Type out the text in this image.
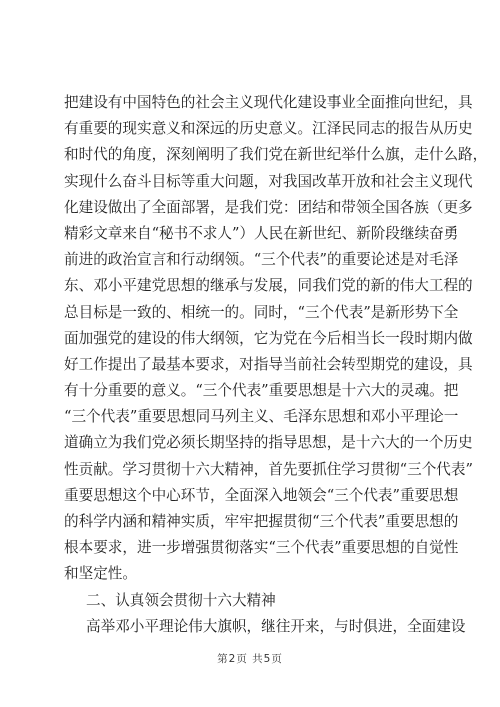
把建设有中国特色的社会主义现代化建设事业全面推向世纪，具
有重要的现实意义和深远的历史意义。江泽民同志的报告从历史
和时代的角度，深刻阐明了我们党在新世纪举什么旗，走什么路，
实现什么奋斗目标等重大问题，对我国改革开放和社会主义现代
化建设做出了全面部署，是我们党：团结和带领全国各族（更多
精彩文章来自“秘书不求人”）人民在新世纪、新阶段继续奋勇
前进的政治宣言和行动纲领。“三个代表”的重要论述是对毛泽
东、邓小平建党思想的继承与发展，同我们党的新的伟大工程的
总目标是一致的、相统一的。同时，“三个代表”是新形势下全
面加强党的建设的伟大纲领，它为党在今后相当长一段时期内做
好工作提出了最基本要求，对指导当前社会转型期党的建设，具
有十分重要的意义。“三个代表”重要思想是十六大的灵魂。把
“三个代表”重要思想同马列主义、毛泽东思想和邓小平理论一
道确立为我们党必须长期坚持的指导思想，是十六大的一个历史
性贡献。学习贯彻十六大精神，首先要抓住学习贯彻“三个代表”
重要思想这个中心环节，全面深入地领会“三个代表”重要思想
的科学内涵和精神实质，牢牢把握贯彻“三个代表”重要思想的
根本要求，进一步增强贯彻落实“三个代表”重要思想的自觉性
和坚定性。
二、认真领会贯彻十六大精神
高举邓小平理论伟大旗帜，继往开来，与时俱进，全面建设
第2页 共5页
